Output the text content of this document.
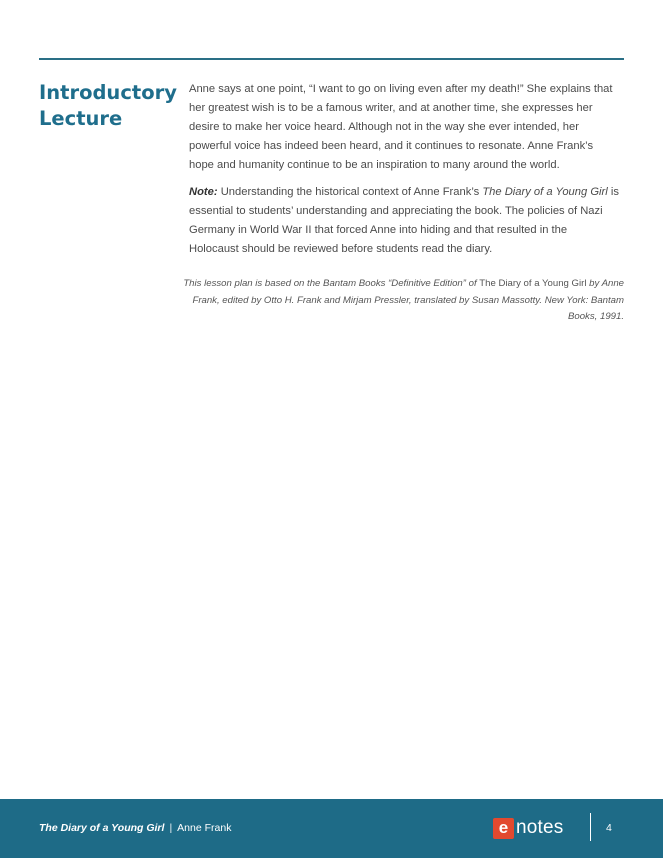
Introductory
Lecture

Anne says at one point, “I want to go on living even after my death!” She explains that her greatest wish is to be a famous writer, and at another time, she expresses her desire to make her voice heard. Although not in the way she ever intended, her powerful voice has indeed been heard, and it continues to resonate. Anne Frank’s hope and humanity continue to be an inspiration to many around the world.

Note: Understanding the historical context of Anne Frank’s The Diary of a Young Girl is essential to students’ understanding and appreciating the book. The policies of Nazi Germany in World War II that forced Anne into hiding and that resulted in the Holocaust should be reviewed before students read the diary.

This lesson plan is based on the Bantam Books “Definitive Edition” of The Diary of a Young Girl by Anne Frank, edited by Otto H. Frank and Mirjam Pressler, translated by Susan Massotty. New York: Bantam Books, 1991.

The Diary of a Young Girl | Anne Frank	e notes	4
